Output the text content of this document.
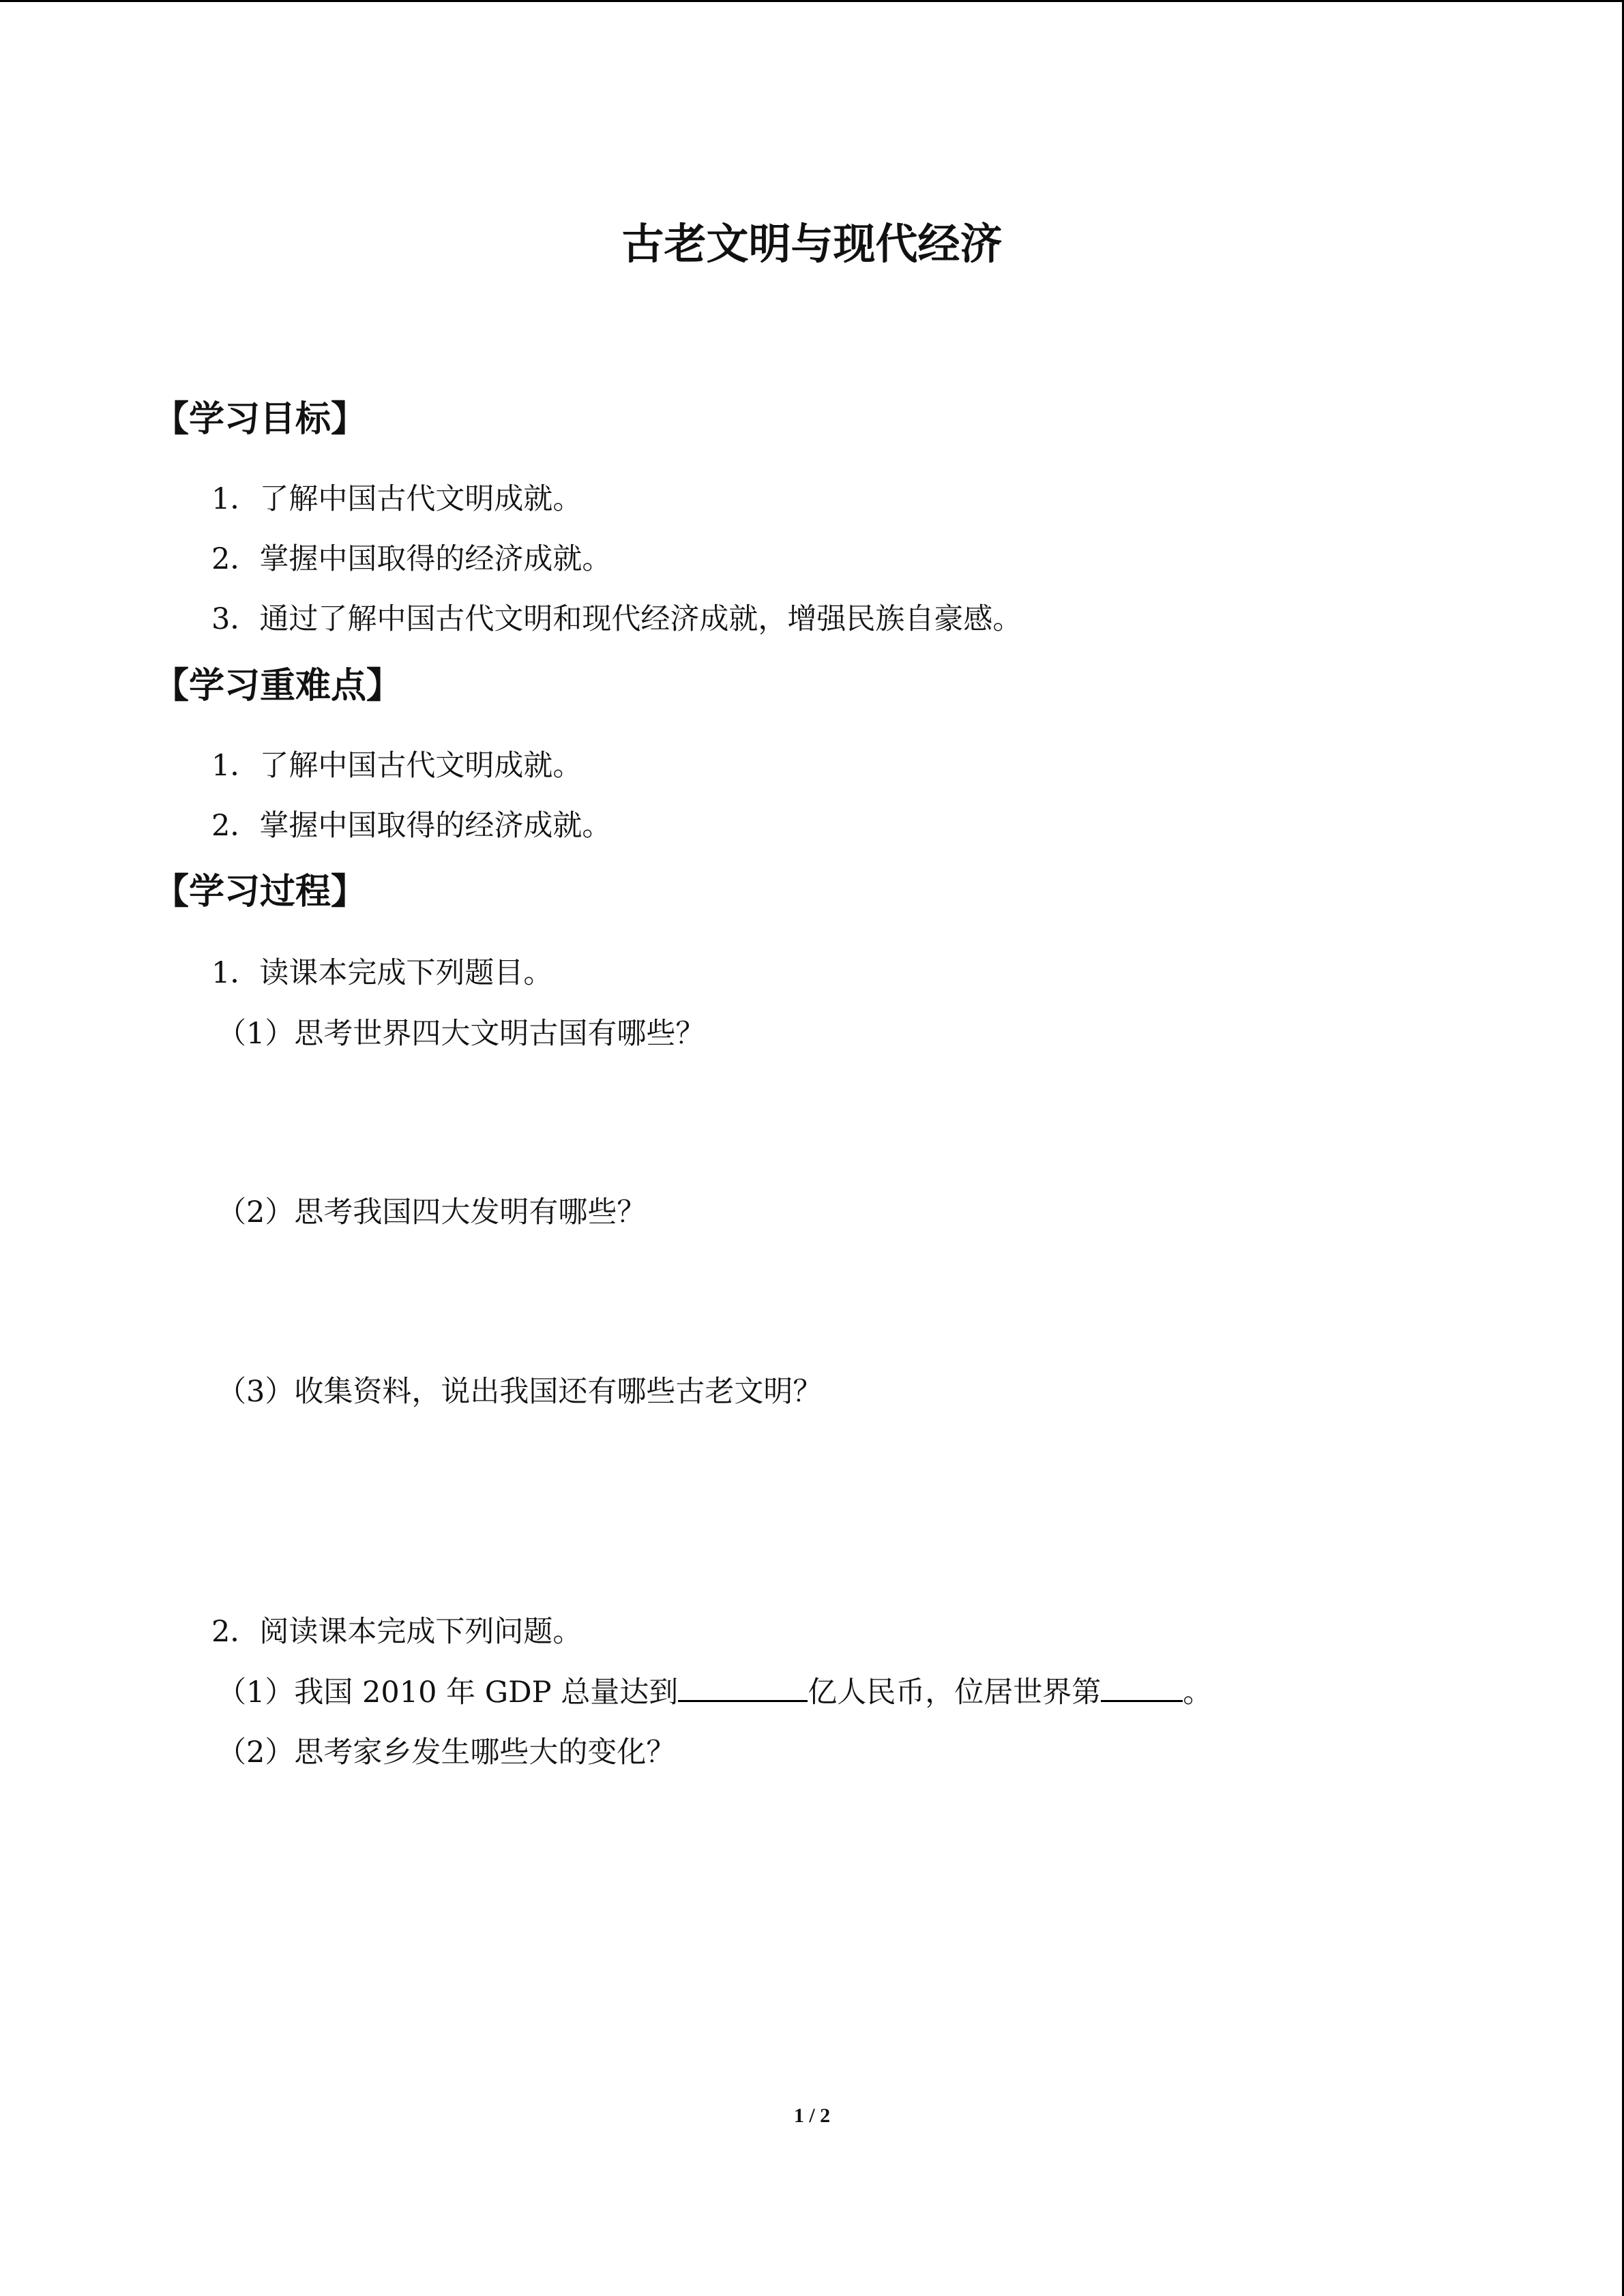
古老文明与现代经济
【学习目标】
1．了解中国古代文明成就。
2．掌握中国取得的经济成就。
3．通过了解中国古代文明和现代经济成就，增强民族自豪感。
【学习重难点】
1．了解中国古代文明成就。
2．掌握中国取得的经济成就。
【学习过程】
1．读课本完成下列题目。
（1）思考世界四大文明古国有哪些？
（2）思考我国四大发明有哪些？
（3）收集资料，说出我国还有哪些古老文明？
2．阅读课本完成下列问题。
（1）我国 2010 年 GDP 总量达到	亿人民币，位居世界第	。
（2）思考家乡发生哪些大的变化？
1 / 2
